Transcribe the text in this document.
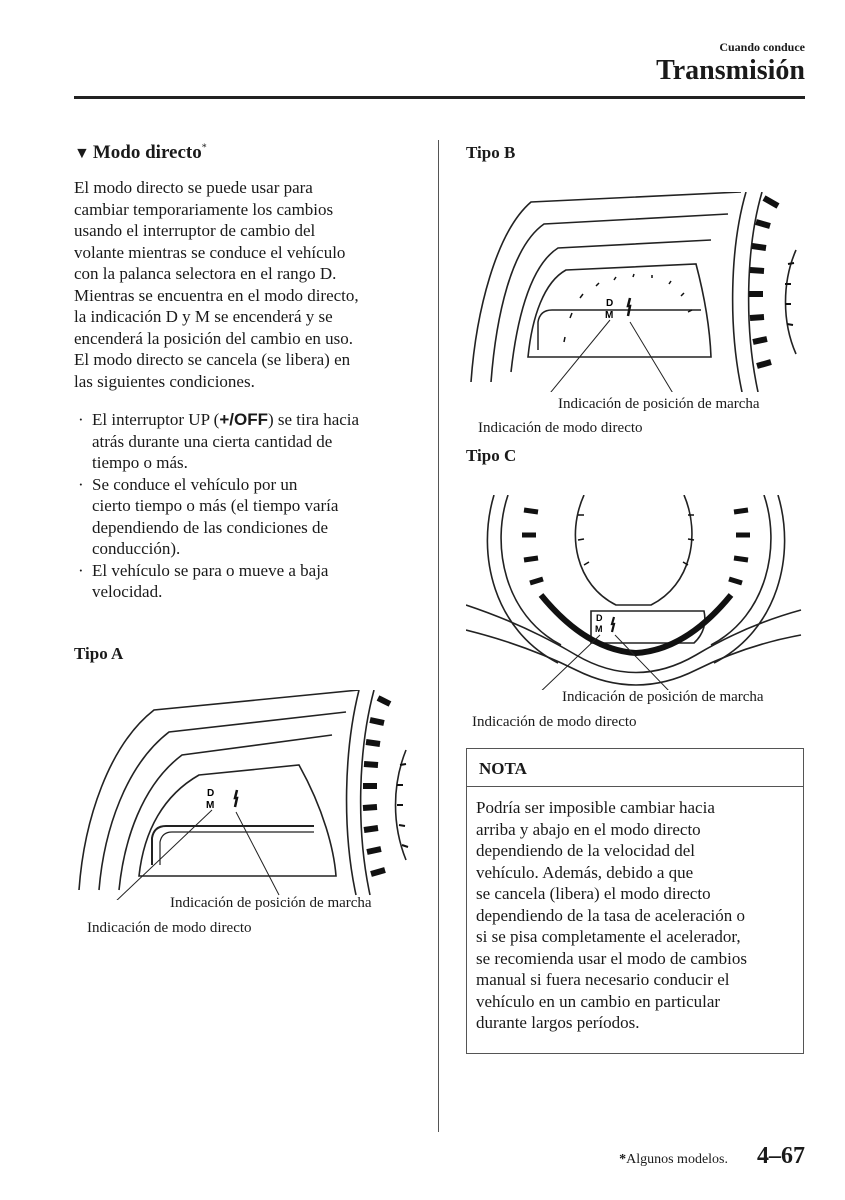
Cuando conduce
Transmisión
▼ Modo directo*
El modo directo se puede usar para
cambiar temporariamente los cambios
usando el interruptor de cambio del
volante mientras se conduce el vehículo
con la palanca selectora en el rango D.
Mientras se encuentra en el modo directo,
la indicación D y M se encenderá y se
encenderá la posición del cambio en uso.
El modo directo se cancela (se libera) en
las siguientes condiciones.
· El interruptor UP (+/OFF) se tira hacia
atrás durante una cierta cantidad de
tiempo o más.
· Se conduce el vehículo por un
cierto tiempo o más (el tiempo varía
dependiendo de las condiciones de
conducción).
· El vehículo se para o mueve a baja
velocidad.
Tipo A
D
M
Indicación de posición de marcha
Indicación de modo directo
Tipo B
D
M
Indicación de posición de marcha
Indicación de modo directo
Tipo C
D
M
Indicación de posición de marcha
Indicación de modo directo
NOTA
Podría ser imposible cambiar hacia
arriba y abajo en el modo directo
dependiendo de la velocidad del
vehículo. Además, debido a que
se cancela (libera) el modo directo
dependiendo de la tasa de aceleración o
si se pisa completamente el acelerador,
se recomienda usar el modo de cambios
manual si fuera necesario conducir el
vehículo en un cambio en particular
durante largos períodos.
*Algunos modelos. 4–67
